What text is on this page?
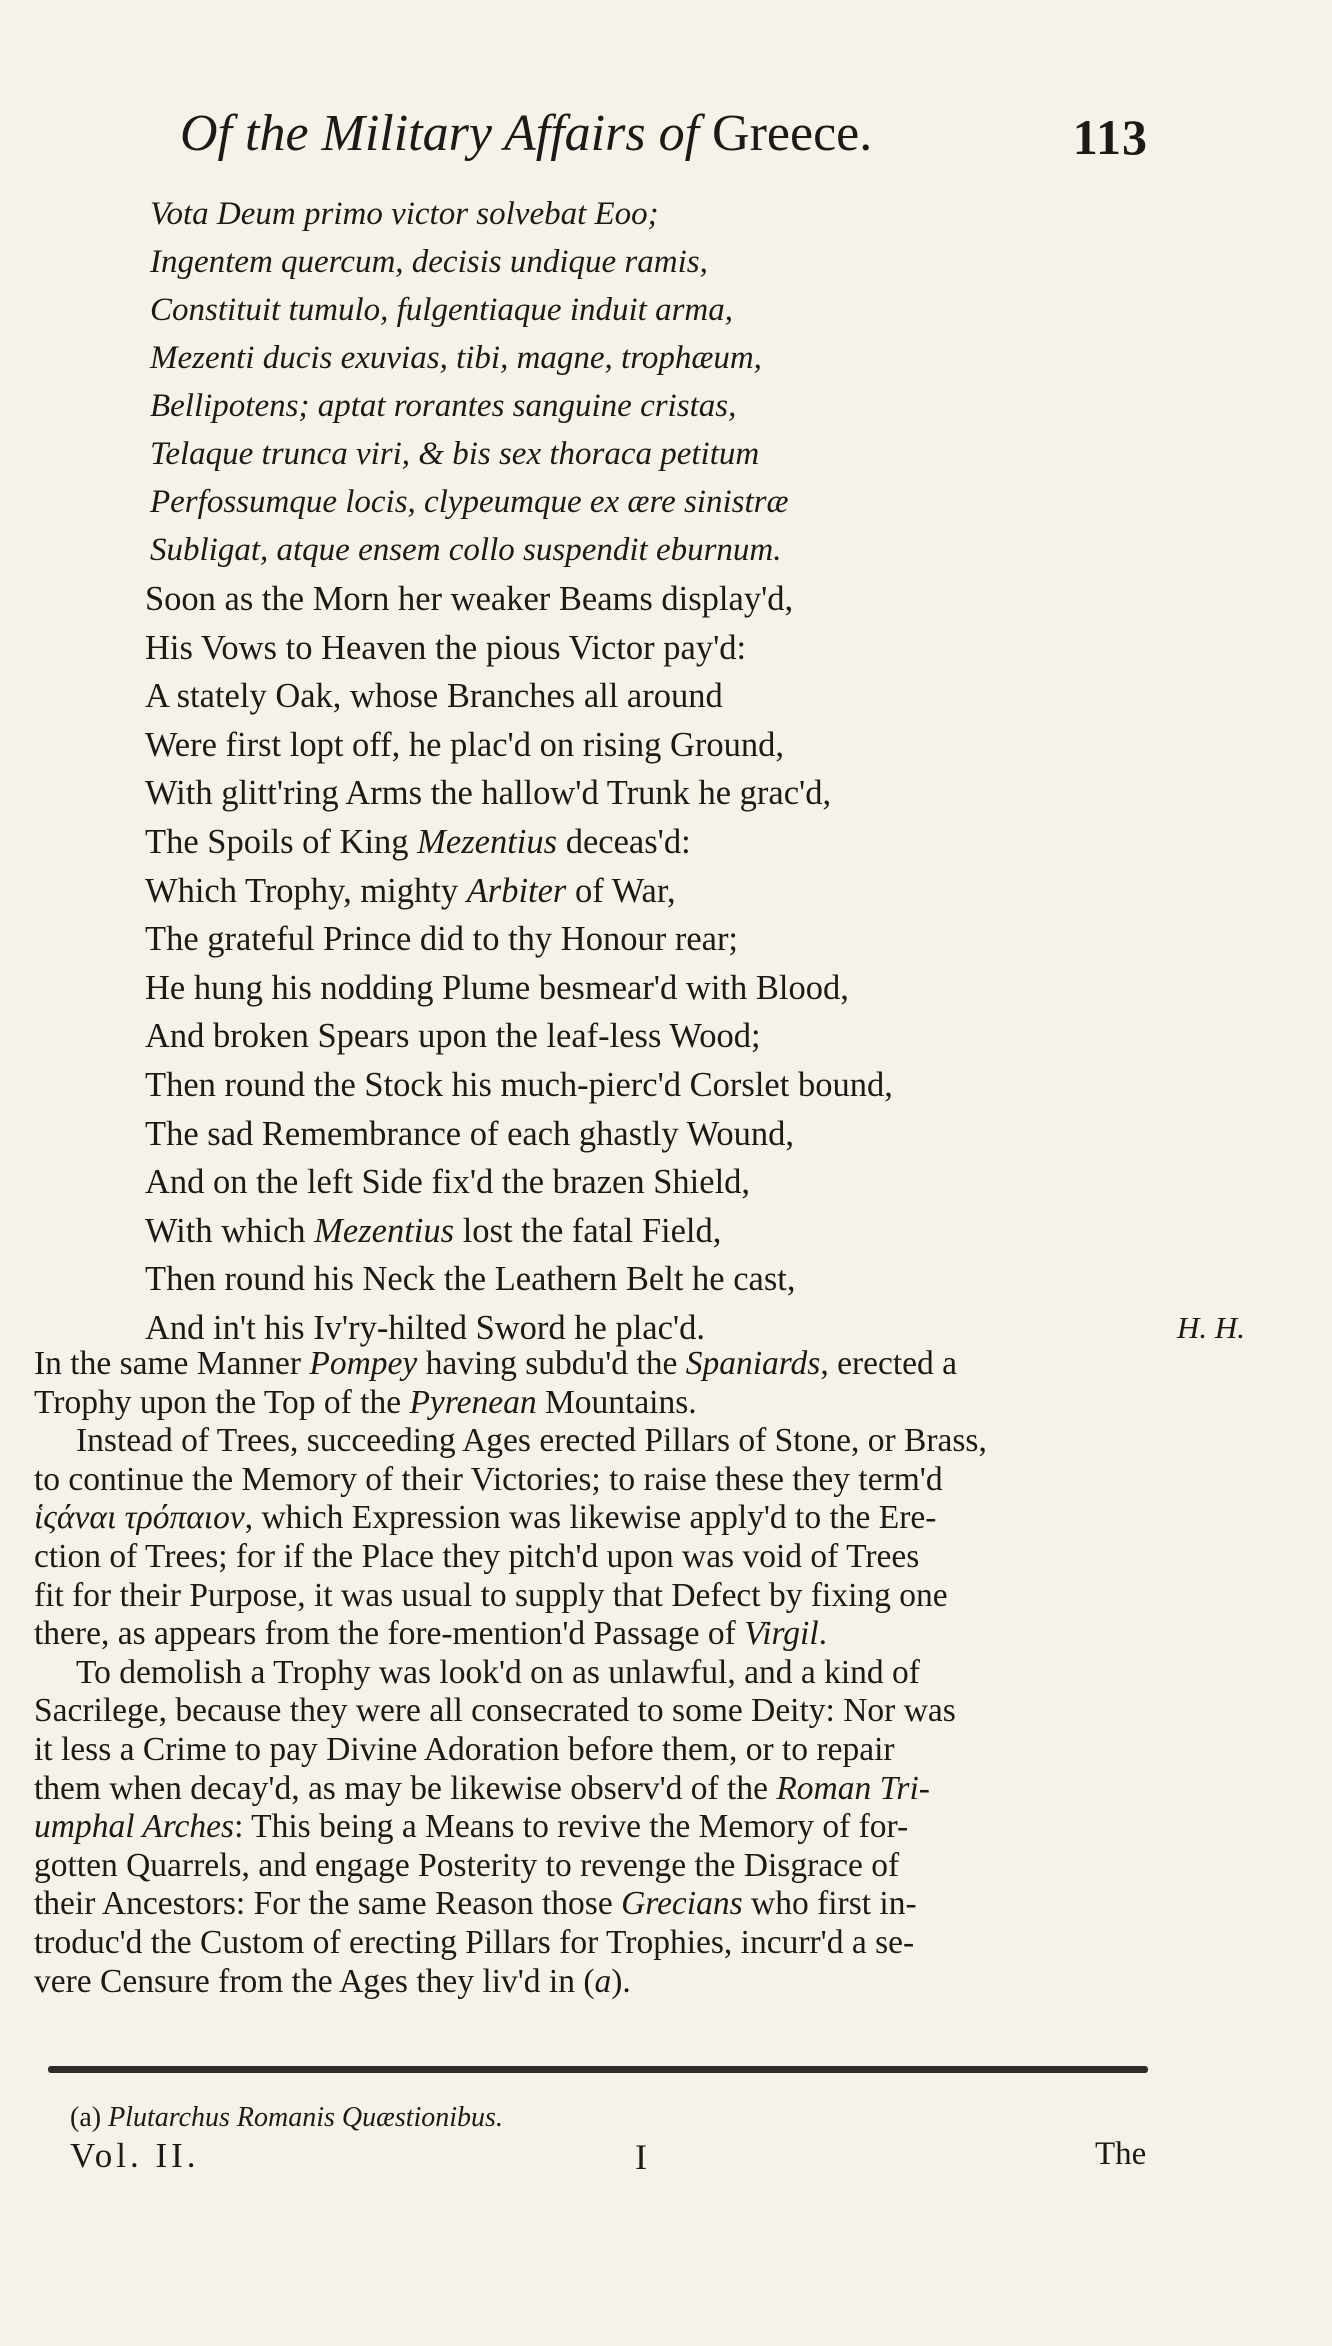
Of the Military Affairs of Greece.	113
Vota Deum primo victor solvebat Eoo;
Ingentem quercum, decisis undique ramis,
Constituit tumulo, fulgentiaque induit arma,
Mezenti ducis exuvias, tibi, magne, trophæum,
Bellipotens; aptat rorantes sanguine cristas,
Telaque trunca viri, & bis sex thoraca petitum
Perfossumque locis, clypeumque ex ære sinistræ
Subligat, atque ensem collo suspendit eburnum.
Soon as the Morn her weaker Beams display'd,
His Vows to Heaven the pious Victor pay'd:
A stately Oak, whose Branches all around
Were first lopt off, he plac'd on rising Ground,
With glitt'ring Arms the hallow'd Trunk he grac'd,
The Spoils of King Mezentius deceas'd:
Which Trophy, mighty Arbiter of War,
The grateful Prince did to thy Honour rear;
He hung his nodding Plume besmear'd with Blood,
And broken Spears upon the leaf-less Wood;
Then round the Stock his much-pierc'd Corslet bound,
The sad Remembrance of each ghastly Wound,
And on the left Side fix'd the brazen Shield,
With which Mezentius lost the fatal Field,
Then round his Neck the Leathern Belt he cast,
And in't his Iv'ry-hilted Sword he plac'd.	H. H.
In the same Manner Pompey having subdu'd the Spaniards, erected a
Trophy upon the Top of the Pyrenean Mountains.
Instead of Trees, succeeding Ages erected Pillars of Stone, or Brass,
to continue the Memory of their Victories; to raise these they term'd
ἱςάναι τρόπαιον, which Expression was likewise apply'd to the Ere-
ction of Trees; for if the Place they pitch'd upon was void of Trees
fit for their Purpose, it was usual to supply that Defect by fixing one
there, as appears from the fore-mention'd Passage of Virgil.
To demolish a Trophy was look'd on as unlawful, and a kind of
Sacrilege, because they were all consecrated to some Deity: Nor was
it less a Crime to pay Divine Adoration before them, or to repair
them when decay'd, as may be likewise observ'd of the Roman Tri-
umphal Arches: This being a Means to revive the Memory of for-
gotten Quarrels, and engage Posterity to revenge the Disgrace of
their Ancestors: For the same Reason those Grecians who first in-
troduc'd the Custom of erecting Pillars for Trophies, incurr'd a se-
vere Censure from the Ages they liv'd in (a).
(a) Plutarchus Romanis Quæstionibus.
Vol. II.	I	The
